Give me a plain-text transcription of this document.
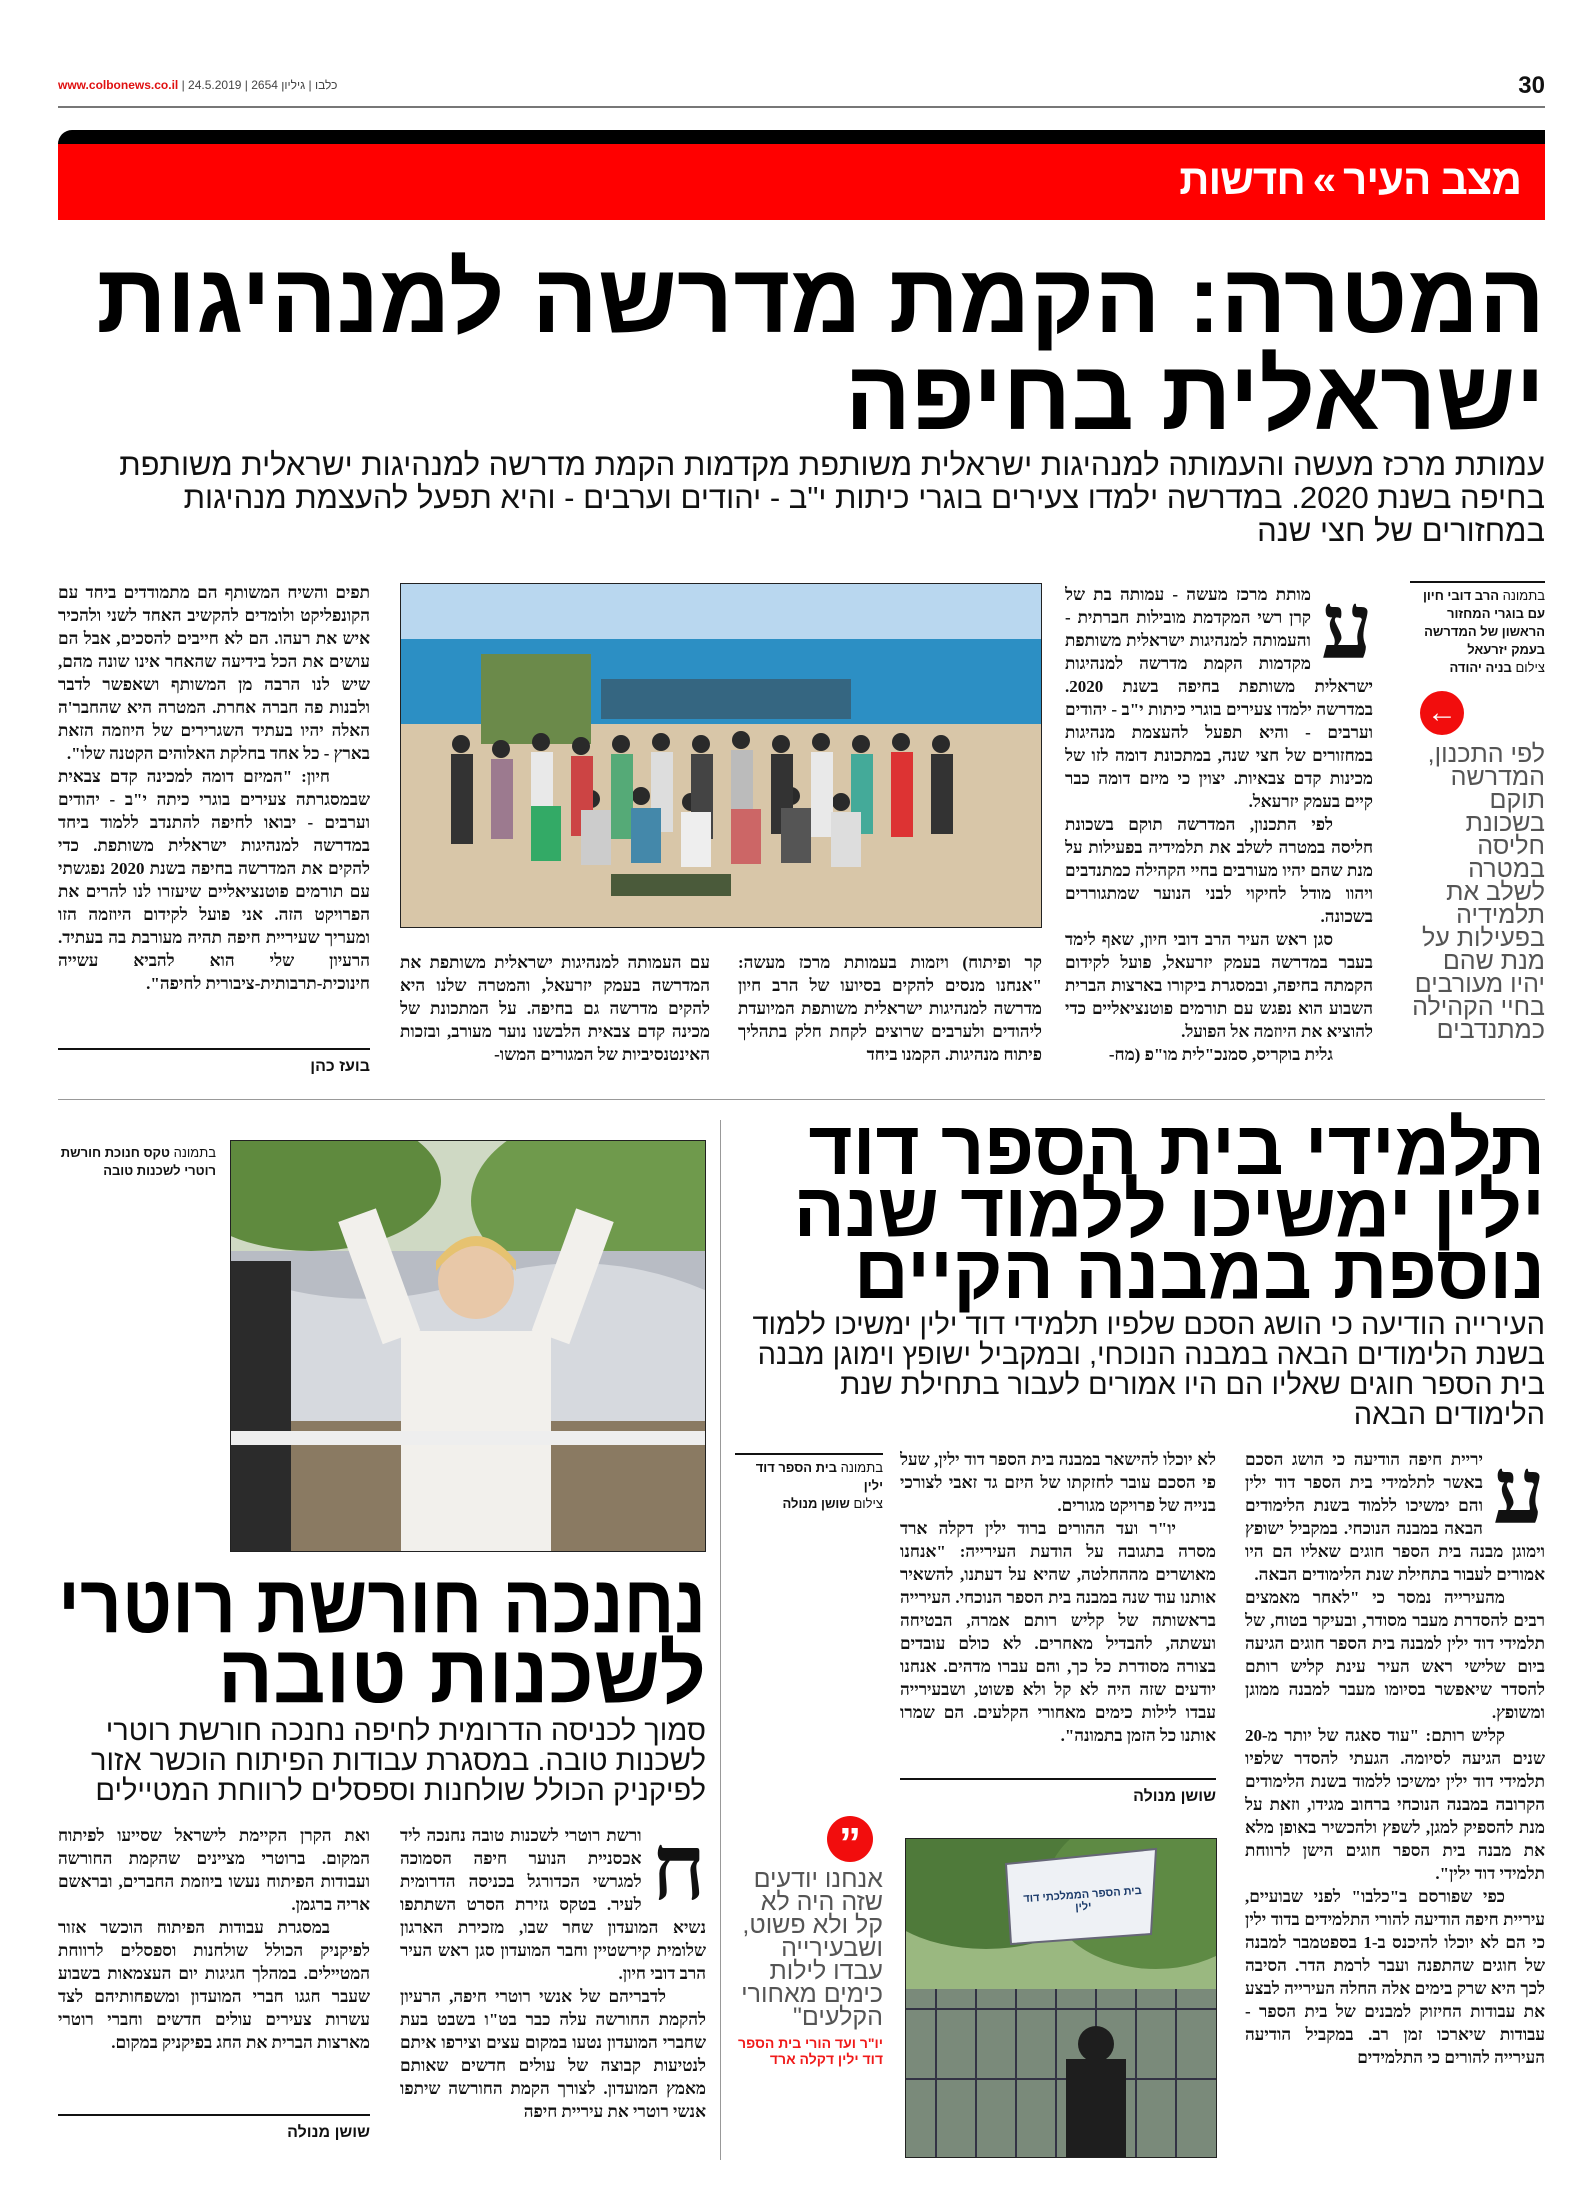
www.colbonews.co.il |	כלבו | גיליון 2654 | 24.5.2019	30
מצב העיר»חדשות
המטרה: הקמת מדרשה למנהיגות
ישראלית בחיפה
עמותת מרכז מעשה והעמותה למנהיגות ישראלית משותפת מקדמות הקמת מדרשה למנהיגות ישראלית משותפת בחיפה בשנת 2020. במדרשה ילמדו צעירים בוגרי כיתות י"ב - יהודים וערבים - והיא תפעל להעצמת מנהיגות במחזורים של חצי שנה
בתמונה הרב דובי חיון עם בוגרי המחזור הראשון של המדרשה בעמק יזרעאל
צילום בניה יהודה
←
לפי התכנון, המדרשה תוקם בשכונת חליסה במטרה לשלב את תלמידיה בפעילות על מנת שהם יהיו מעורבים בחיי הקהילה כמתנדבים
ע

מותת מרכז מעשה - עמותה בת של קרן רשי המקדמת מובילות חברתית - והעמותה למנהיגות ישראלית משותפת מקדמות הקמת מדרשה למנהיגות ישראלית משותפת בחיפה בשנת 2020. במדרשה ילמדו צעירים בוגרי כיתות י"ב - יהודים וערבים - והיא תפעל להעצמת מנהיגות במחזורים של חצי שנה, במתכונת דומה לזו של מכינות קדם צבאיות. יצוין כי מיזם דומה כבר קיים בעמק יזרעאל.

לפי התכנון, המדרשה תוקם בשכונת חליסה במטרה לשלב את תלמידיה בפעילות על מנת שהם יהיו מעורבים בחיי הקהילה כמתנדבים ויהוו מודל לחיקוי לבני הנוער שמתגוררים בשכונה.

סגן ראש העיר הרב דובי חיון, שאף לימד בעבר במדרשה בעמק יזרעאל, פועל לקידום הקמתה בחיפה, ובמסגרת ביקורו בארצות הברית השבוע הוא נפגש עם תורמים פוטנציאליים כדי להוציא את היוזמה אל הפועל.

גלית בוקריס, סמנכ"לית מו"פ (מח-

קר ופיתוח) ויזמות בעמותת מרכז מעשה: "אנחנו מנסים להקים בסיועו של הרב חיון מדרשה למנהיגות ישראלית משותפת המיועדת ליהודים ולערבים שרוצים לקחת חלק בתהליך פיתוח מנהיגות. הקמנו ביחד

עם העמותה למנהיגות ישראלית משותפת את המדרשה בעמק יזרעאל, והמטרה שלנו היא להקים מדרשה גם בחיפה. על המתכונת של מכינה קדם צבאית הלבשנו נוער מעורב, ובזכות האינטנסיביות של המגורים המשו-

תפים והשיח המשותף הם מתמודדים ביחד עם הקונפליקט ולומדים להקשיב האחד לשני ולהכיר איש את רעהו. הם לא חייבים להסכים, אבל הם עושים את הכל בידיעה שהאחר אינו שונה מהם, שיש לנו הרבה מן המשותף ושאפשר לדבר ולבנות פה חברה אחרת. המטרה היא שהחבר'ה האלה יהיו בעתיד השגרירים של היוזמה הזאת בארץ - כל אחד בחלקת האלוהים הקטנה שלו".

חיון: "המיזם דומה למכינה קדם צבאית שבמסגרתה צעירים בוגרי כיתה י"ב - יהודים וערבים - יבואו לחיפה להתנדב ללמוד ביחד במדרשה למנהיגות ישראלית משותפת. כדי להקים את המדרשה בחיפה בשנת 2020 נפגשתי עם תורמים פוטנציאליים שיעזרו לנו להרים את הפרויקט הזה. אני פועל לקידום היוזמה הזו ומעריך שעיריית חיפה תהיה מעורבת בה בעתיד. הרעיון שלי הוא להביא עשייה חינוכית-תרבותית-ציבורית לחיפה".

בועז כהן
תלמידי בית הספר דוד
ילין ימשיכו ללמוד שנה
נוספת במבנה הקיים
העירייה הודיעה כי הושג הסכם שלפיו תלמידי דוד ילין ימשיכו ללמוד בשנת הלימודים הבאה במבנה הנוכחי, ובמקביל ישופץ וימוגן מבנה בית הספר חוגים שאליו הם היו אמורים לעבור בתחילת שנת הלימודים הבאה
ע

יריית חיפה הודיעה כי הושג הסכם באשר לתלמידי בית הספר דוד ילין והם ימשיכו ללמוד בשנת הלימודים הבאה במבנה הנוכחי. במקביל ישופץ וימוגן מבנה בית הספר חוגים שאליו הם היו אמורים לעבור בתחילת שנת הלימודים הבאה.

מהעירייה נמסר כי "לאחר מאמצים רבים להסדרת מעבר מסודר, ובעיקר בטוח, של תלמידי דוד ילין למבנה בית הספר חוגים הגיעה ביום שלישי ראש העיר עינת קליש רותם להסדר שיאפשר בסיומו מעבר למבנה ממוגן ומשופץ.

קליש רותם: "עוד סאגה של יותר מ-20 שנים הגיעה לסיומה. הגעתי להסדר שלפיו תלמידי דוד ילין ימשיכו ללמוד בשנת הלימודים הקרובה במבנה הנוכחי ברחוב מגידו, וזאת על מנת להספיק למגן, לשפץ ולהכשיר באופן מלא את מבנה בית הספר חוגים הישן לרווחת תלמידי דוד ילין".

כפי שפורסם ב"כלבו" לפני שבועיים, עיריית חיפה הודיעה להורי התלמידים בדוד ילין כי הם לא יוכלו להיכנס ב-1 בספטמבר למבנה של חוגים שהתפנה ועבר לרמת הדר. הסיבה לכך היא שרק בימים אלה החלה העירייה לבצע את עבודות החיזוק למבנים של בית הספר - עבודות שיארכו זמן רב. במקביל הודיעה העירייה להורים כי התלמידים

לא יוכלו להישאר במבנה בית הספר דוד ילין, שעל פי הסכם עובר לחזקתו של היזם גד זאבי לצורכי בנייה של פרויקט מגורים.

יו"ר ועד ההורים ברוד ילין דקלה ארד מסרה בתגובה על הודעת העירייה: "אנחנו מאושרים מההחלטה, שהיא על דעתנו, להשאיר אותנו עוד שנה במבנה בית הספר הנוכחי. העירייה בראשותה של קליש רותם אמרה, הבטיחה ועשתה, להבדיל מאחרים. לא כולם עובדים בצורה מסודרת כל כך, והם עברו מדהים. אנחנו יודעים שזה היה לא קל ולא פשוט, ושבעירייה עבדו לילות כימים מאחורי הקלעים. הם שמרו אותנו כל הזמן בתמונה".

שושן מנולה
בתמונה בית הספר דוד ילין
צילום שושן מנולה
”
אנחנו יודעים שזה היה לא קל ולא פשוט, ושבעירייה עבדו לילות כימים מאחורי הקלעים"
יו"ר ועד הורי בית הספר דוד ילין דקלה ארד
בית הספר הממלכתי דוד ילין
בתמונה טקס חנוכת חורשת רוטרי לשכנות טובה
נחנכה חורשת רוטרי
לשכנות טובה
סמוך לכניסה הדרומית לחיפה נחנכה חורשת רוטרי לשכנות טובה. במסגרת עבודות הפיתוח הוכשר אזור לפיקניק הכולל שולחנות וספסלים לרווחת המטיילים
ח

ורשת רוטרי לשכנות טובה נחנכה ליד אכסניית הנוער חיפה הסמוכה למגרשי הכדורגל בכניסה הדרומית לעיר. בטקס גזירת הסרט השתתפו נשיא המועדון שחר שבו, מזכירת הארגון שלומית קירשטיין וחבר המועדון סגן ראש העיר הרב דובי חיון.

לדבריהם של אנשי רוטרי חיפה, הרעיון להקמת החורשה עלה כבר בט"ו בשבט בעת שחברי המועדון נטעו במקום עצים וצירפו איתם לנטיעות קבוצה של עולים חדשים שאותם מאמץ המועדון. לצורך הקמת החורשה שיתפו אנשי רוטרי את עיריית חיפה

ואת הקרן הקיימת לישראל שסייעו לפיתוח המקום. ברוטרי מציינים שהקמת החורשה ועבודות הפיתוח נעשו ביוזמת החברים, ובראשם אריה ברגמן.

במסגרת עבודות הפיתוח הוכשר אזור לפיקניק הכולל שולחנות וספסלים לרווחת המטיילים. במהלך חגיגות יום העצמאות בשבוע שעבר חגגו חברי המועדון ומשפחותיהם לצד עשרות צעירים עולים חדשים וחברי רוטרי מארצות הברית את החג בפיקניק במקום.

שושן מנולה
